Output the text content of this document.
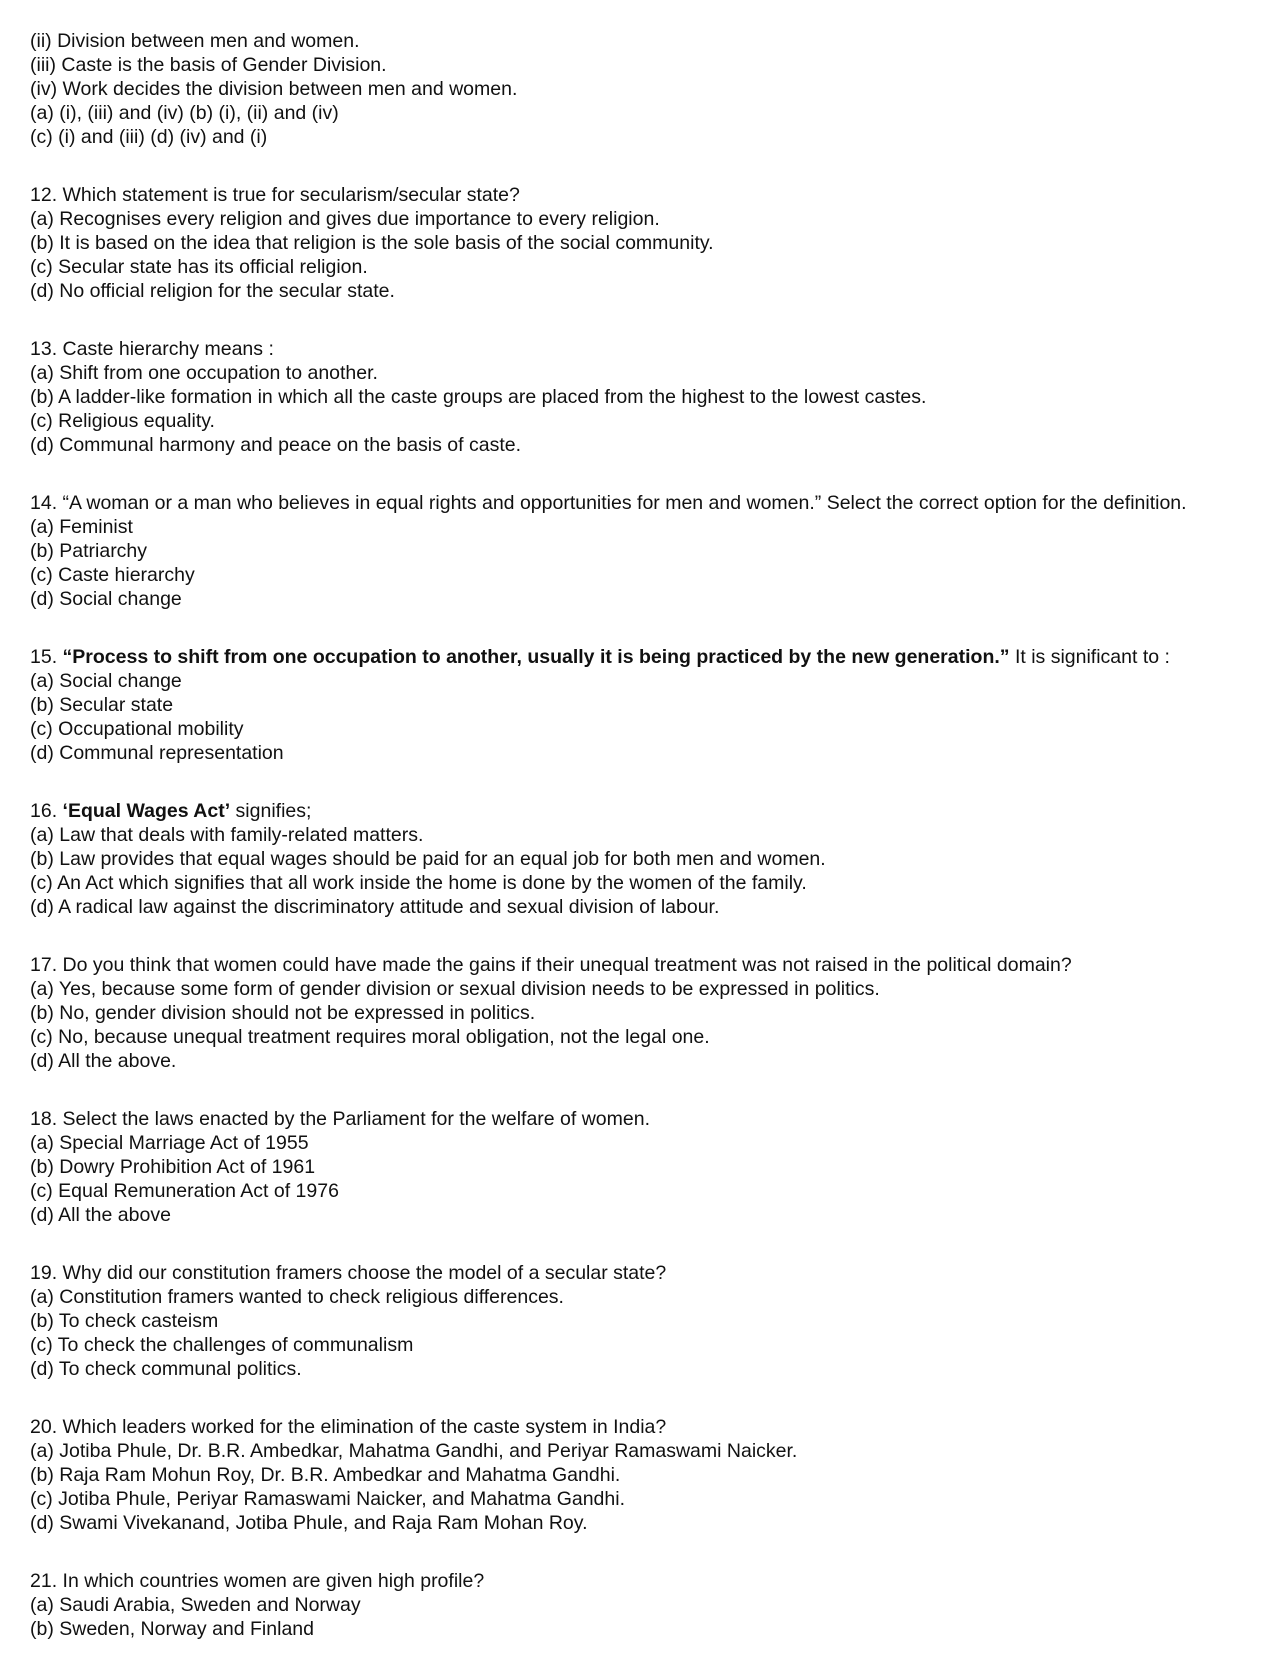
(ii) Division between men and women.
(iii) Caste is the basis of Gender Division.
(iv) Work decides the division between men and women.
(a) (i), (iii) and (iv) (b) (i), (ii) and (iv)
(c) (i) and (iii) (d) (iv) and (i)
12. Which statement is true for secularism/secular state?
(a) Recognises every religion and gives due importance to every religion.
(b) It is based on the idea that religion is the sole basis of the social community.
(c) Secular state has its official religion.
(d) No official religion for the secular state.
13. Caste hierarchy means :
(a) Shift from one occupation to another.
(b) A ladder-like formation in which all the caste groups are placed from the highest to the lowest castes.
(c) Religious equality.
(d) Communal harmony and peace on the basis of caste.
14. “A woman or a man who believes in equal rights and opportunities for men and women.” Select the correct option for the definition.
(a) Feminist
(b) Patriarchy
(c) Caste hierarchy
(d) Social change
15. “Process to shift from one occupation to another, usually it is being practiced by the new generation.” It is significant to :
(a) Social change
(b) Secular state
(c) Occupational mobility
(d) Communal representation
16. ‘Equal Wages Act’ signifies;
(a) Law that deals with family-related matters.
(b) Law provides that equal wages should be paid for an equal job for both men and women.
(c) An Act which signifies that all work inside the home is done by the women of the family.
(d) A radical law against the discriminatory attitude and sexual division of labour.
17. Do you think that women could have made the gains if their unequal treatment was not raised in the political domain?
(a) Yes, because some form of gender division or sexual division needs to be expressed in politics.
(b) No, gender division should not be expressed in politics.
(c) No, because unequal treatment requires moral obligation, not the legal one.
(d) All the above.
18. Select the laws enacted by the Parliament for the welfare of women.
(a) Special Marriage Act of 1955
(b) Dowry Prohibition Act of 1961
(c) Equal Remuneration Act of 1976
(d) All the above
19. Why did our constitution framers choose the model of a secular state?
(a) Constitution framers wanted to check religious differences.
(b) To check casteism
(c) To check the challenges of communalism
(d) To check communal politics.
20. Which leaders worked for the elimination of the caste system in India?
(a) Jotiba Phule, Dr. B.R. Ambedkar, Mahatma Gandhi, and Periyar Ramaswami Naicker.
(b) Raja Ram Mohun Roy, Dr. B.R. Ambedkar and Mahatma Gandhi.
(c) Jotiba Phule, Periyar Ramaswami Naicker, and Mahatma Gandhi.
(d) Swami Vivekanand, Jotiba Phule, and Raja Ram Mohan Roy.
21. In which countries women are given high profile?
(a) Saudi Arabia, Sweden and Norway
(b) Sweden, Norway and Finland
